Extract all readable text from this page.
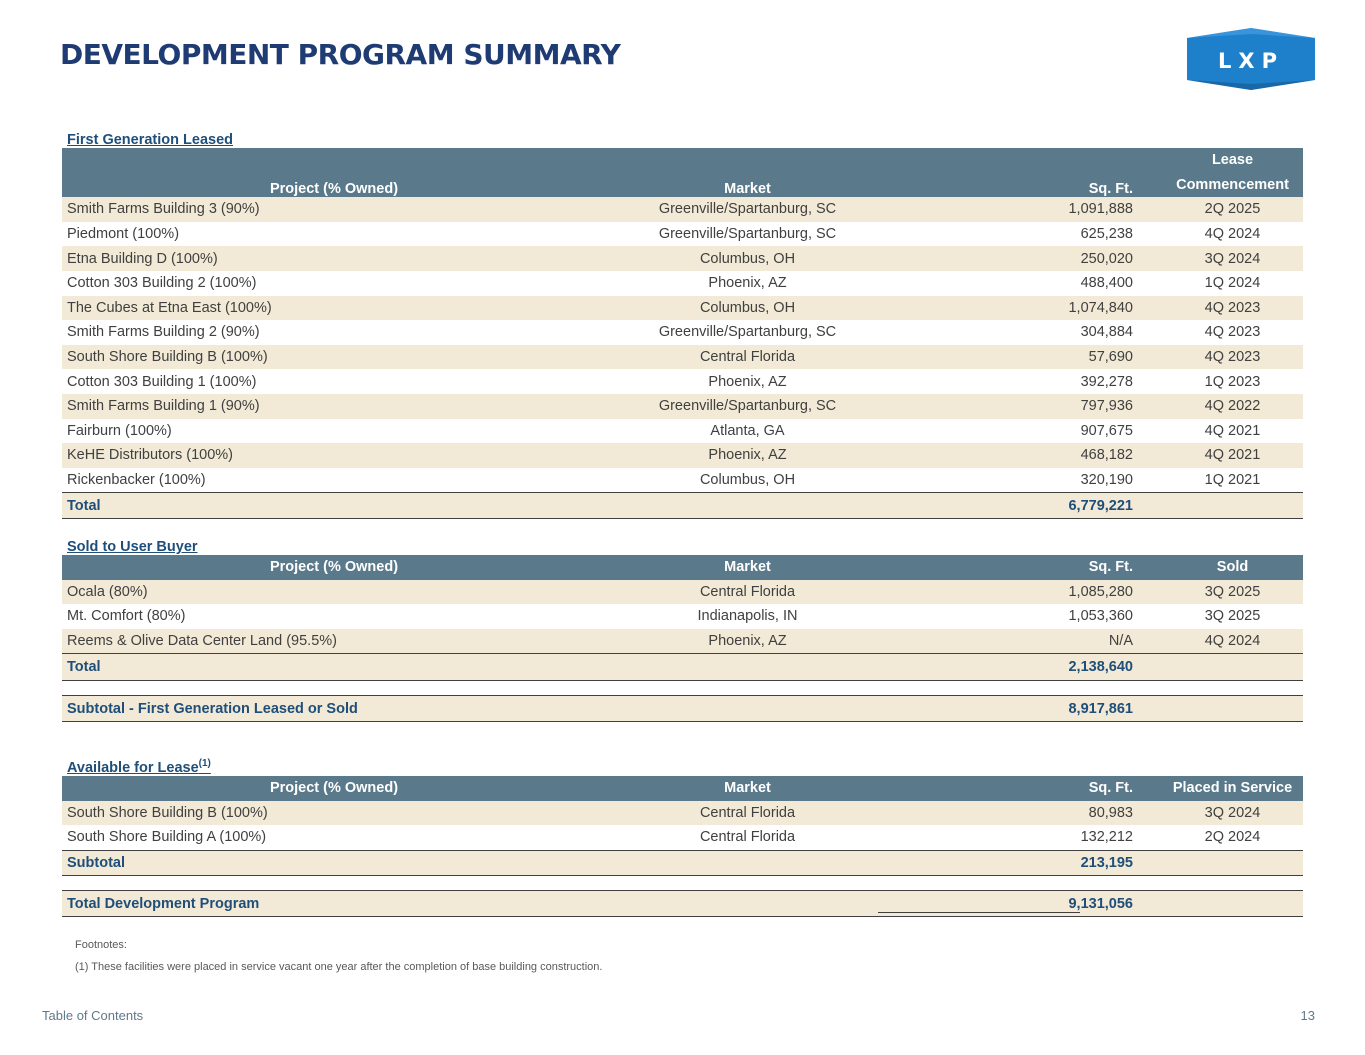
DEVELOPMENT PROGRAM SUMMARY	LXP
First Generation Leased			
Project (% Owned)	Market	Sq. Ft.	Lease
			Commencement
Smith Farms Building 3 (90%)	Greenville/Spartanburg, SC	1,091,888	2Q 2025
Piedmont (100%)	Greenville/Spartanburg, SC	625,238	4Q 2024
Etna Building D (100%)	Columbus, OH	250,020	3Q 2024
Cotton 303 Building 2 (100%)	Phoenix, AZ	488,400	1Q 2024
The Cubes at Etna East (100%)	Columbus, OH	1,074,840	4Q 2023
Smith Farms Building 2 (90%)	Greenville/Spartanburg, SC	304,884	4Q 2023
South Shore Building B (100%)	Central Florida	57,690	4Q 2023
Cotton 303 Building 1 (100%)	Phoenix, AZ	392,278	1Q 2023
Smith Farms Building 1 (90%)	Greenville/Spartanburg, SC	797,936	4Q 2022
Fairburn (100%)	Atlanta, GA	907,675	4Q 2021
KeHE Distributors (100%)	Phoenix, AZ	468,182	4Q 2021
Rickenbacker (100%)	Columbus, OH	320,190	1Q 2021
Total		6,779,221	
Sold to User Buyer			
Project (% Owned)	Market	Sq. Ft.	Sold
Ocala (80%)	Central Florida	1,085,280	3Q 2025
Mt. Comfort (80%)	Indianapolis, IN	1,053,360	3Q 2025
Reems & Olive Data Center Land (95.5%)	Phoenix, AZ	N/A	4Q 2024
Total		2,138,640	

Subtotal - First Generation Leased or Sold		8,917,861	
Available for Lease$^{(1)}$
Project (% Owned)	Market	Sq. Ft.	Placed in Service
South Shore Building B (100%)	Central Florida	80,983	3Q 2024
South Shore Building A (100%)	Central Florida	132,212	2Q 2024
Subtotal		213,195	

Total Development Program		9,131,056	
Footnotes:
(1) These facilities were placed in service vacant one year after the completion of base building construction.
Table of Contents	13
